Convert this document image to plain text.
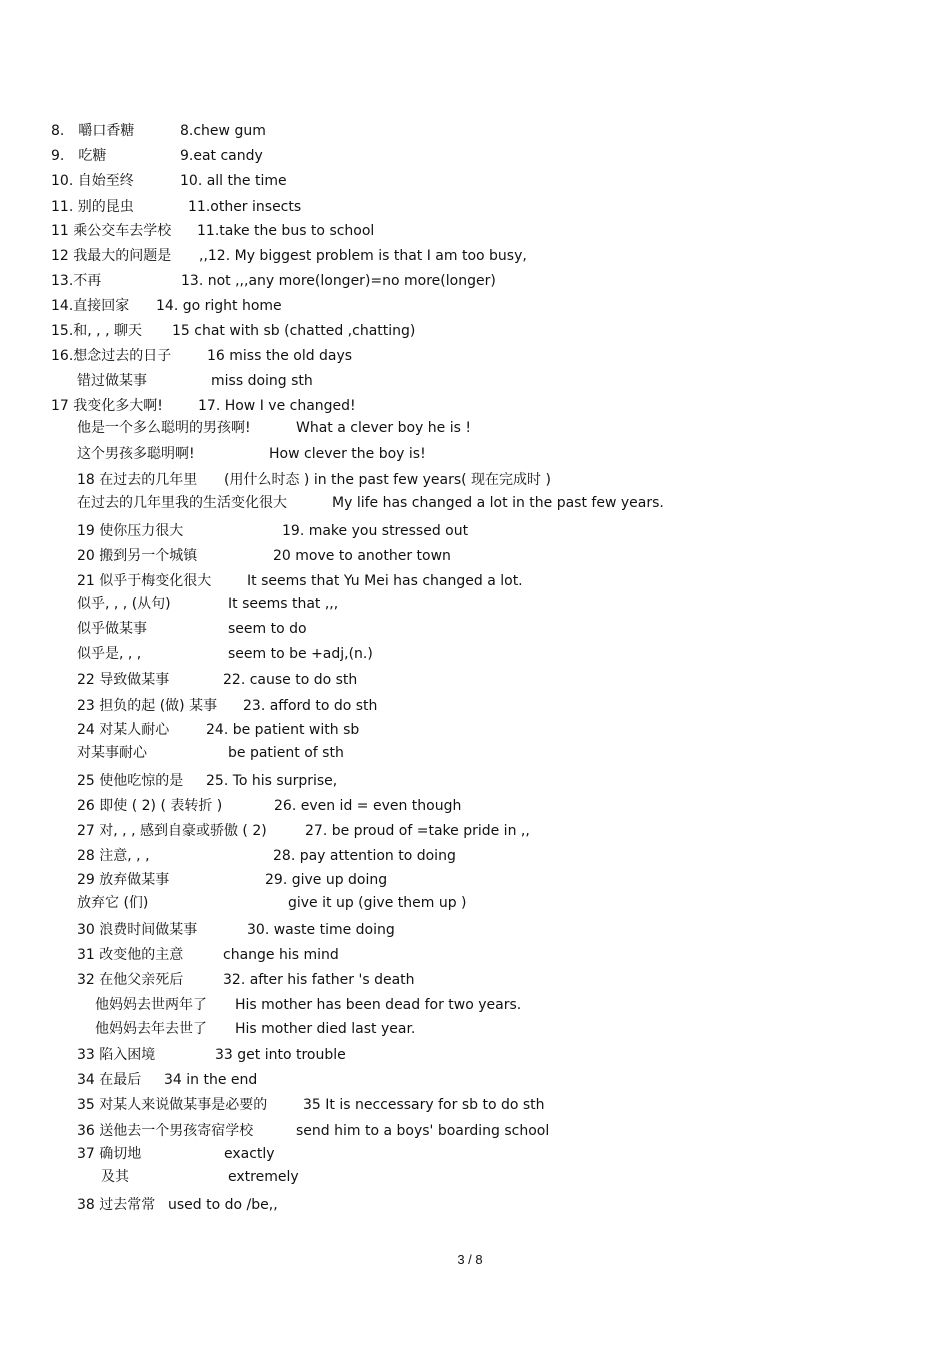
8.　嚼口香糖	8.chew gum
9.　吃糖	9.eat candy
10. 自始至终	10. all the time
11. 别的昆虫	11.other insects
11 乘公交车去学校 11.take the bus to school
12 我最大的问题是 ,,12. My biggest problem is that I am too busy,
13.不再	13. not ,,,any more(longer)=no more(longer)
14.直接回家 14. go right home
15.和, , , 聊天 15 chat with sb (chatted ,chatting)
16.想念过去的日子	16 miss the old days
错过做某事	miss doing sth
17 我变化多大啊!	17. How I ve changed!
他是一个多么聪明的男孩啊!	What a clever boy he is !
这个男孩多聪明啊!	How clever the boy is!
18 在过去的几年里 (用什么时态 ) in the past few years( 现在完成时 )
在过去的几年里我的生活变化很大	My life has changed a lot in the past few years.
19 使你压力很大	19. make you stressed out
20 搬到另一个城镇	20 move to another town
21 似乎于梅变化很大	It seems that Yu Mei has changed a lot.
似乎, , , (从句)	It seems that ,,,
似乎做某事	seem to do
似乎是, , ,	seem to be +adj,(n.)
22 导致做某事	22. cause to do sth
23 担负的起 (做) 某事 23. afford to do sth
24 对某人耐心	24. be patient with sb
对某事耐心	be patient of sth
25 使他吃惊的是 25. To his surprise,
26 即使 ( 2) ( 表转折 )	26. even id = even though
27 对, , , 感到自豪或骄傲 ( 2)	27. be proud of =take pride in ,,
28 注意, , ,	28. pay attention to doing
29 放弃做某事	29. give up doing
放弃它 (们)	give it up (give them up )
30 浪费时间做某事	30. waste time doing
31 改变他的主意	change his mind
32 在他父亲死后	32. after his father 's death
他妈妈去世两年了 His mother has been dead for two years.
他妈妈去年去世了 His mother died last year.
33 陷入困境	33 get into trouble
34 在最后 34 in the end
35 对某人来说做某事是必要的	35 It is neccessary for sb to do sth
36 送他去一个男孩寄宿学校	send him to a boys' boarding school
37 确切地	exactly
及其	extremely
38 过去常常 used to do /be,,
3 / 8
